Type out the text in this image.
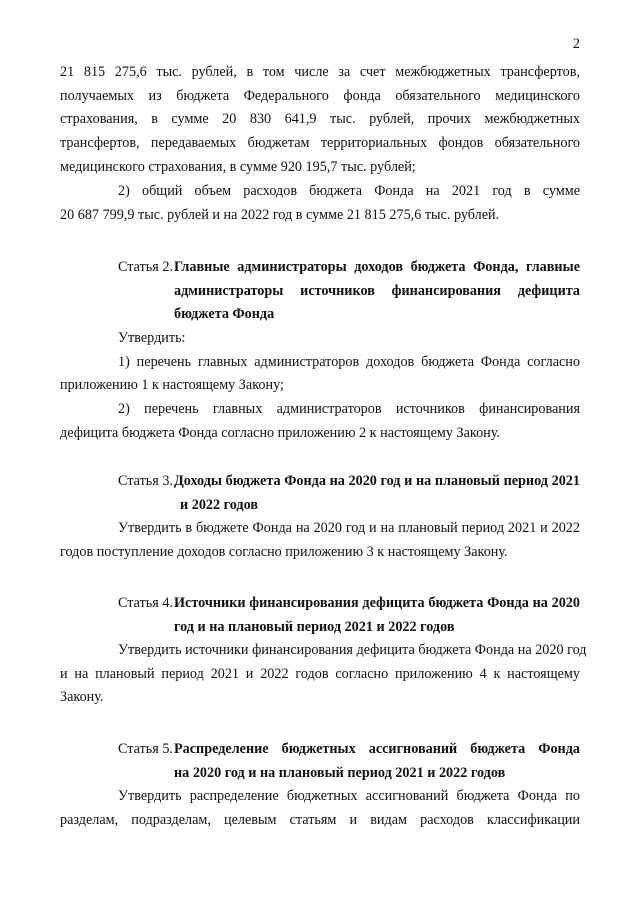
2
21 815 275,6 тыс. рублей, в том числе за счет межбюджетных трансфертов,
получаемых из бюджета Федерального фонда обязательного медицинского
страхования, в сумме 20 830 641,9 тыс. рублей, прочих межбюджетных
трансфертов, передаваемых бюджетам территориальных фондов обязательного
медицинского страхования, в сумме 920 195,7 тыс. рублей;
2) общий объем расходов бюджета Фонда на 2021 год в сумме
20 687 799,9 тыс. рублей и на 2022 год в сумме 21 815 275,6 тыс. рублей.
Статья 2. Главные администраторы доходов бюджета Фонда, главные
администраторы источников финансирования дефицита
бюджета Фонда
Утвердить:
1) перечень главных администраторов доходов бюджета Фонда согласно
приложению 1 к настоящему Закону;
2) перечень главных администраторов источников финансирования
дефицита бюджета Фонда согласно приложению 2 к настоящему Закону.
Статья 3. Доходы бюджета Фонда на 2020 год и на плановый период 2021
и 2022 годов
Утвердить в бюджете Фонда на 2020 год и на плановый период 2021 и 2022
годов поступление доходов согласно приложению 3 к настоящему Закону.
Статья 4. Источники финансирования дефицита бюджета Фонда на 2020
год и на плановый период 2021 и 2022 годов
Утвердить источники финансирования дефицита бюджета Фонда на 2020 год
и на плановый период 2021 и 2022 годов согласно приложению 4 к настоящему
Закону.
Статья 5. Распределение бюджетных ассигнований бюджета Фонда
на 2020 год и на плановый период 2021 и 2022 годов
Утвердить распределение бюджетных ассигнований бюджета Фонда по
разделам, подразделам, целевым статьям и видам расходов классификации
